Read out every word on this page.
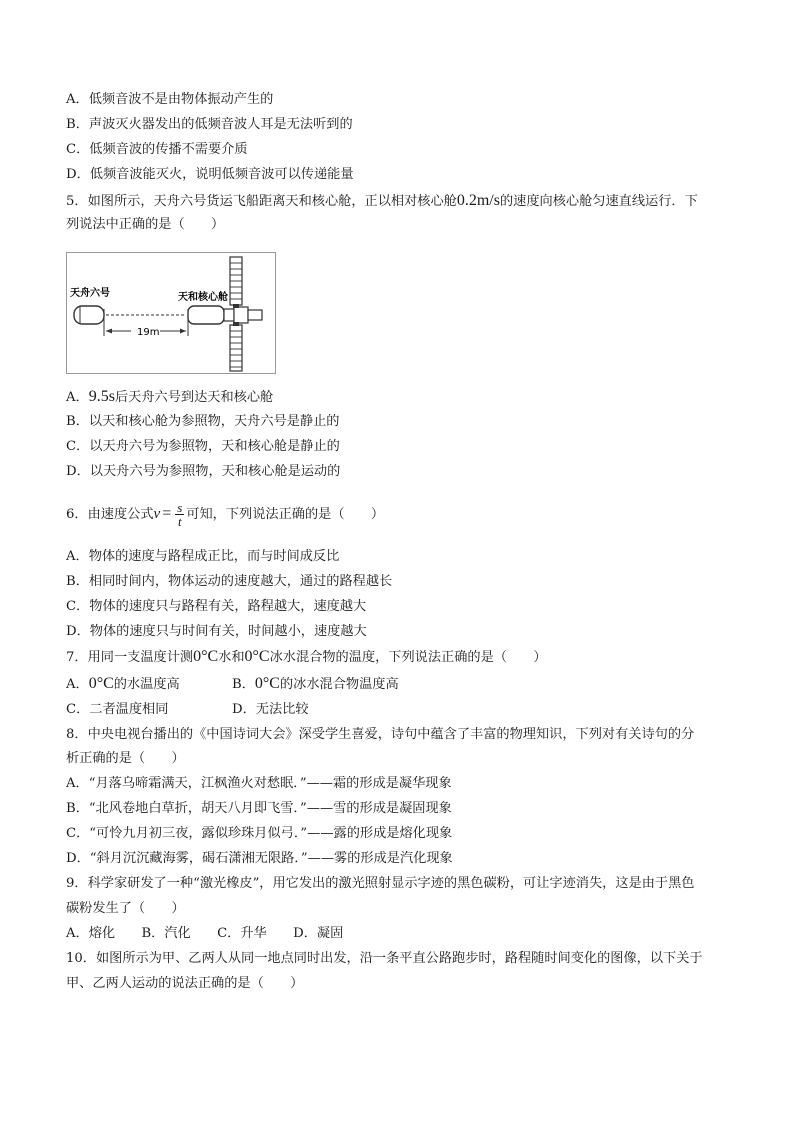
A．低频音波不是由物体振动产生的
B．声波灭火器发出的低频音波人耳是无法听到的
C．低频音波的传播不需要介质
D．低频音波能灭火，说明低频音波可以传递能量
5．如图所示，天舟六号货运飞船距离天和核心舱，正以相对核心舱0.2m/s的速度向核心舱匀速直线运行．下
列说法中正确的是（　　）
天舟六号	天和核心舱
19m
A．9.5s后天舟六号到达天和核心舱
B．以天和核心舱为参照物，天舟六号是静止的
C．以天舟六号为参照物，天和核心舱是静止的
D．以天舟六号为参照物，天和核心舱是运动的
6．由速度公式$v = \frac{s}{t}$ 可知，下列说法正确的是（　　）
A．物体的速度与路程成正比，而与时间成反比
B．相同时间内，物体运动的速度越大，通过的路程越长
C．物体的速度只与路程有关，路程越大，速度越大
D．物体的速度只与时间有关，时间越小，速度越大
7．用同一支温度计测0°C水和0°C冰水混合物的温度，下列说法正确的是（　　）
A．0°C的水温度高	B．0°C的冰水混合物温度高
C．二者温度相同	D．无法比较
8．中央电视台播出的《中国诗词大会》深受学生喜爱，诗句中蕴含了丰富的物理知识，下列对有关诗句的分
析正确的是（　　）
A．“月落乌啼霜满天，江枫渔火对愁眠．”——霜的形成是凝华现象
B．“北风卷地白草折，胡天八月即飞雪．”——雪的形成是凝固现象
C．“可怜九月初三夜，露似珍珠月似弓．”——露的形成是熔化现象
D．“斜月沉沉藏海雾，碣石潇湘无限路．”——雾的形成是汽化现象
9．科学家研发了一种“激光橡皮”，用它发出的激光照射显示字迹的黑色碳粉，可让字迹消失，这是由于黑色
碳粉发生了（　　）
A．熔化　　B．汽化　　C．升华　　D．凝固
10．如图所示为甲、乙两人从同一地点同时出发，沿一条平直公路跑步时，路程随时间变化的图像，以下关于
甲、乙两人运动的说法正确的是（　　）
